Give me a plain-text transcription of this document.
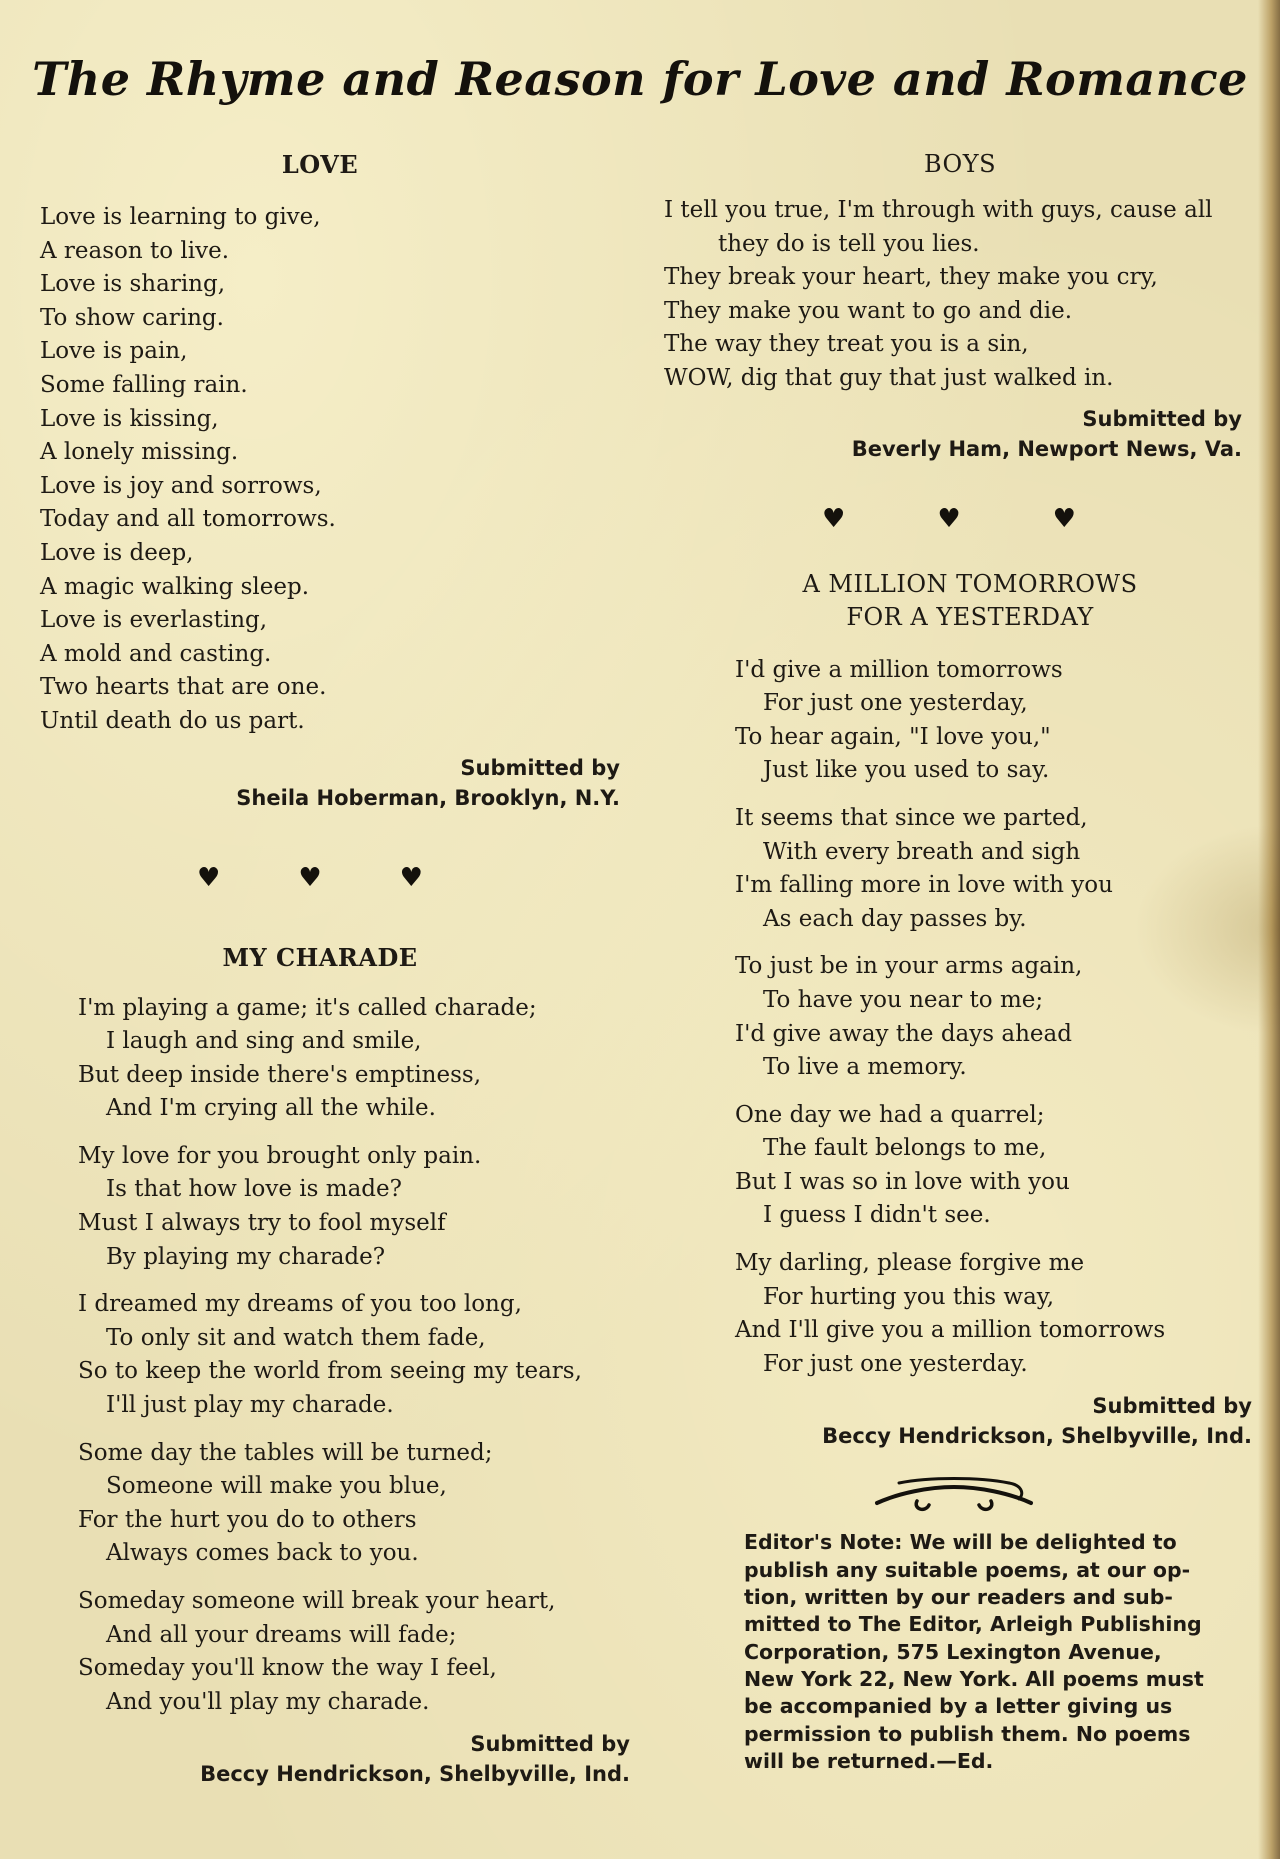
The Rhyme and Reason for Love and Romance
LOVE
Love is learning to give,
A reason to live.
Love is sharing,
To show caring.
Love is pain,
Some falling rain.
Love is kissing,
A lonely missing.
Love is joy and sorrows,
Today and all tomorrows.
Love is deep,
A magic walking sleep.
Love is everlasting,
A mold and casting.
Two hearts that are one.
Until death do us part.
Submitted by
Sheila Hoberman, Brooklyn, N.Y.
♥	♥	♥
MY CHARADE
I'm playing a game; it's called charade;
I laugh and sing and smile,
But deep inside there's emptiness,
And I'm crying all the while.
My love for you brought only pain.
Is that how love is made?
Must I always try to fool myself
By playing my charade?
I dreamed my dreams of you too long,
To only sit and watch them fade,
So to keep the world from seeing my tears,
I'll just play my charade.
Some day the tables will be turned;
Someone will make you blue,
For the hurt you do to others
Always comes back to you.
Someday someone will break your heart,
And all your dreams will fade;
Someday you'll know the way I feel,
And you'll play my charade.
Submitted by
Beccy Hendrickson, Shelbyville, Ind.
BOYS
I tell you true, I'm through with guys, cause all
they do is tell you lies.
They break your heart, they make you cry,
They make you want to go and die.
The way they treat you is a sin,
WOW, dig that guy that just walked in.
Submitted by
Beverly Ham, Newport News, Va.
♥	♥	♥
A MILLION TOMORROWS
FOR A YESTERDAY
I'd give a million tomorrows
For just one yesterday,
To hear again, "I love you,"
Just like you used to say.
It seems that since we parted,
With every breath and sigh
I'm falling more in love with you
As each day passes by.
To just be in your arms again,
To have you near to me;
I'd give away the days ahead
To live a memory.
One day we had a quarrel;
The fault belongs to me,
But I was so in love with you
I guess I didn't see.
My darling, please forgive me
For hurting you this way,
And I'll give you a million tomorrows
For just one yesterday.
Submitted by
Beccy Hendrickson, Shelbyville, Ind.
Editor's Note: We will be delighted to
publish any suitable poems, at our op-
tion, written by our readers and sub-
mitted to The Editor, Arleigh Publishing
Corporation, 575 Lexington Avenue,
New York 22, New York. All poems must
be accompanied by a letter giving us
permission to publish them. No poems
will be returned.—Ed.
